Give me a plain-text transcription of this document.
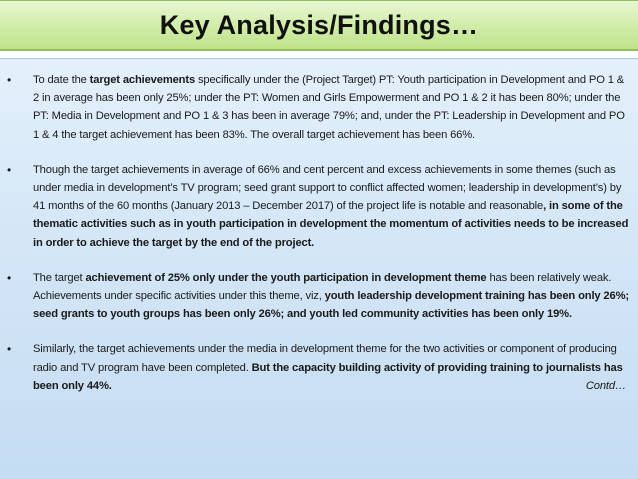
Key Analysis/Findings…
• To date the target achievements specifically under the (Project Target) PT: Youth participation in Development and PO 1 & 2 in average has been only 25%; under the PT: Women and Girls Empowerment and PO 1 & 2 it has been 80%; under the PT: Media in Development and PO 1 & 3 has been in average 79%; and, under the PT: Leadership in Development and PO 1 & 4 the target achievement has been 83%. The overall target achievement has been 66%.
• Though the target achievements in average of 66% and cent percent and excess achievements in some themes (such as under media in development’s TV program; seed grant support to conflict affected women; leadership in development’s) by 41 months of the 60 months (January 2013 – December 2017) of the project life is notable and reasonable, in some of the thematic activities such as in youth participation in development the momentum of activities needs to be increased in order to achieve the target by the end of the project.
• The target achievement of 25% only under the youth participation in development theme has been relatively weak. Achievements under specific activities under this theme, viz, youth leadership development training has been only 26%; seed grants to youth groups has been only 26%; and youth led community activities has been only 19%.
• Similarly, the target achievements under the media in development theme for the two activities or component of producing radio and TV program have been completed. But the capacity building activity of providing training to journalists has been only 44%.	Contd…
